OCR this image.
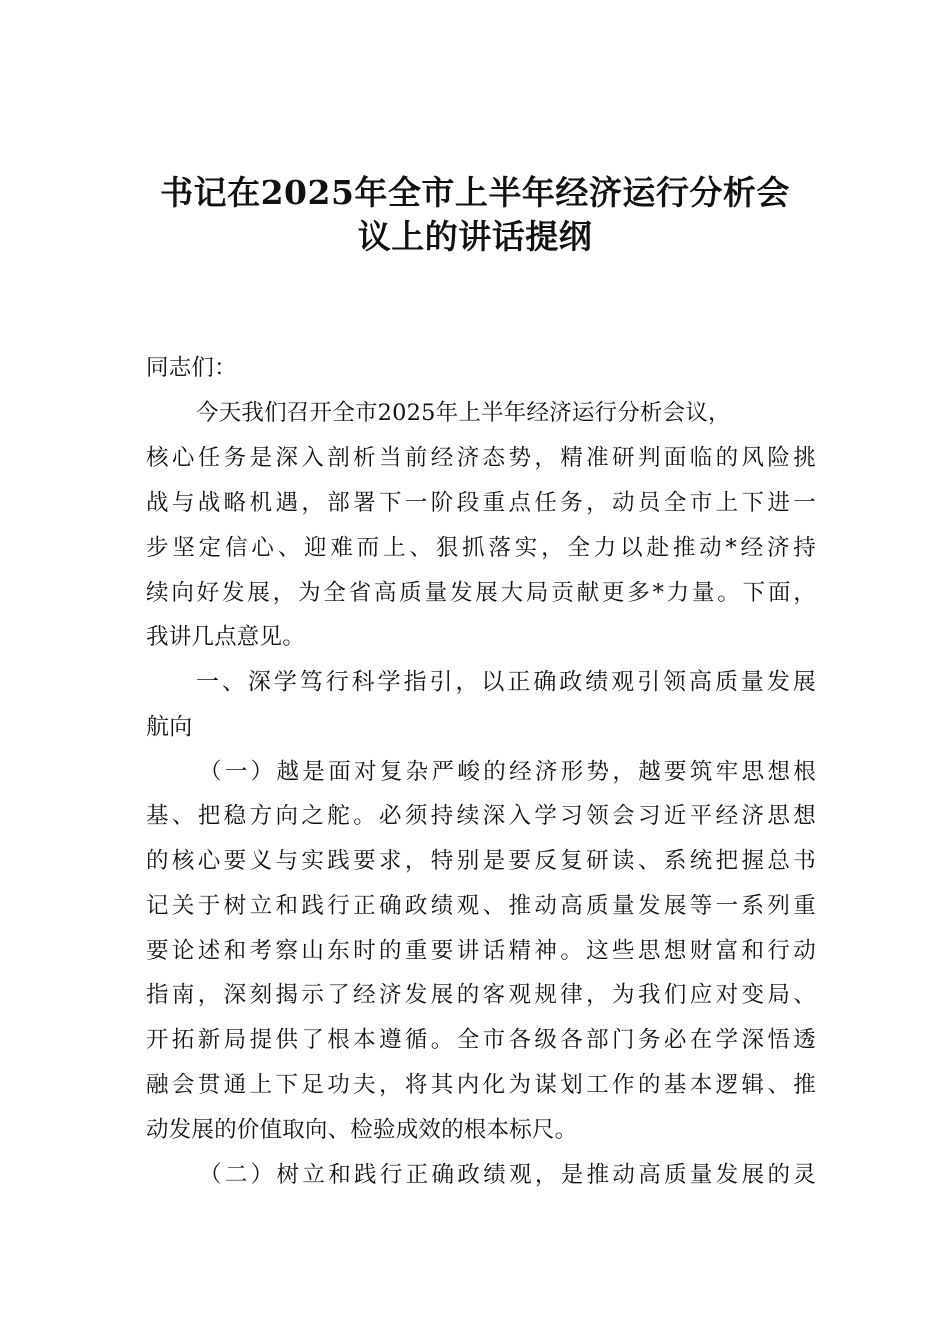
书记在2025年全市上半年经济运行分析会
议上的讲话提纲
同志们：
今天我们召开全市2025年上半年经济运行分析会议，
核心任务是深入剖析当前经济态势，精准研判面临的风险挑
战与战略机遇，部署下一阶段重点任务，动员全市上下进一
步坚定信心、迎难而上、狠抓落实，全力以赴推动*经济持
续向好发展，为全省高质量发展大局贡献更多*力量。下面，
我讲几点意见。
一、深学笃行科学指引，以正确政绩观引领高质量发展
航向
（一）越是面对复杂严峻的经济形势，越要筑牢思想根
基、把稳方向之舵。必须持续深入学习领会习近平经济思想
的核心要义与实践要求，特别是要反复研读、系统把握总书
记关于树立和践行正确政绩观、推动高质量发展等一系列重
要论述和考察山东时的重要讲话精神。这些思想财富和行动
指南，深刻揭示了经济发展的客观规律，为我们应对变局、
开拓新局提供了根本遵循。全市各级各部门务必在学深悟透
融会贯通上下足功夫，将其内化为谋划工作的基本逻辑、推
动发展的价值取向、检验成效的根本标尺。
（二）树立和践行正确政绩观，是推动高质量发展的灵
